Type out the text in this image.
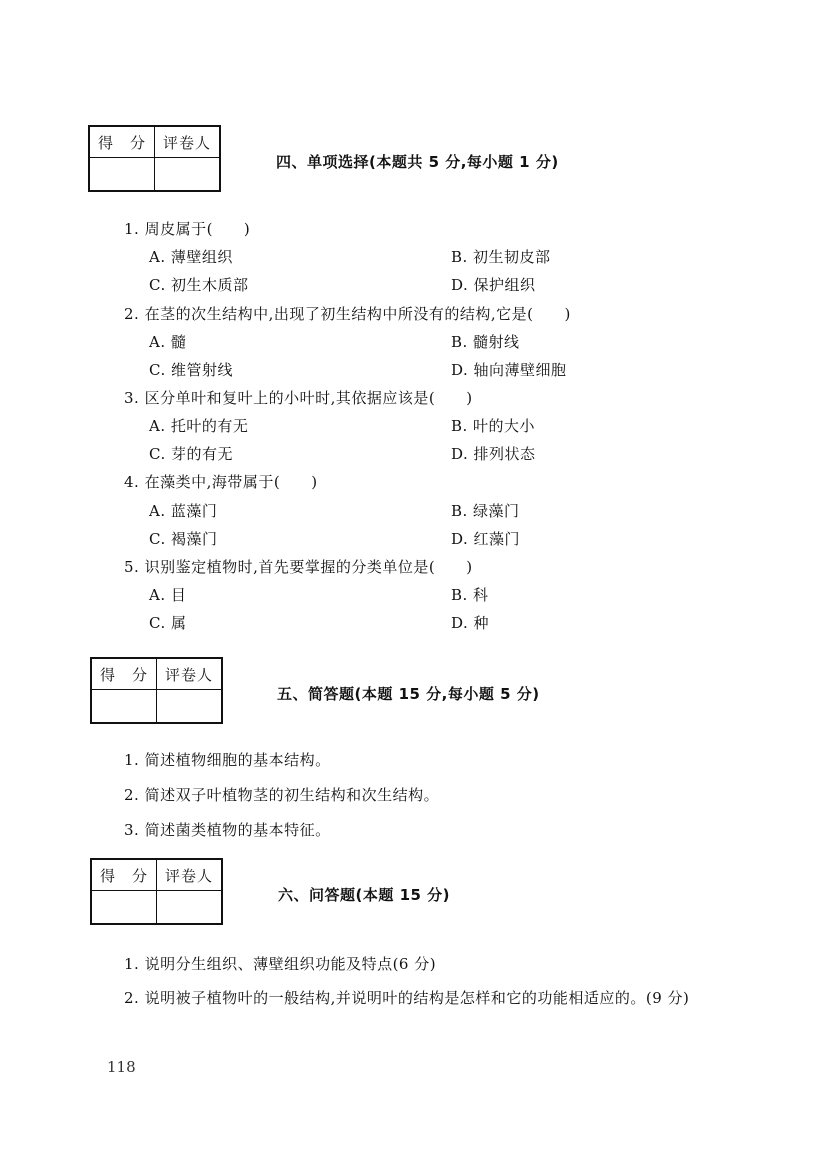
得　分	评卷人

四、单项选择(本题共 5 分,每小题 1 分)
1. 周皮属于(　　)
A. 薄壁组织	B. 初生韧皮部
C. 初生木质部	D. 保护组织
2. 在茎的次生结构中,出现了初生结构中所没有的结构,它是(　　)
A. 髓	B. 髓射线
C. 维管射线	D. 轴向薄壁细胞
3. 区分单叶和复叶上的小叶时,其依据应该是(　　)
A. 托叶的有无	B. 叶的大小
C. 芽的有无	D. 排列状态
4. 在藻类中,海带属于(　　)
A. 蓝藻门	B. 绿藻门
C. 褐藻门	D. 红藻门
5. 识别鉴定植物时,首先要掌握的分类单位是(　　)
A. 目	B. 科
C. 属	D. 种
得　分	评卷人

五、简答题(本题 15 分,每小题 5 分)
1. 简述植物细胞的基本结构。
2. 简述双子叶植物茎的初生结构和次生结构。
3. 简述菌类植物的基本特征。
得　分	评卷人

六、问答题(本题 15 分)
1. 说明分生组织、薄壁组织功能及特点(6 分)
2. 说明被子植物叶的一般结构,并说明叶的结构是怎样和它的功能相适应的。(9 分)
118
